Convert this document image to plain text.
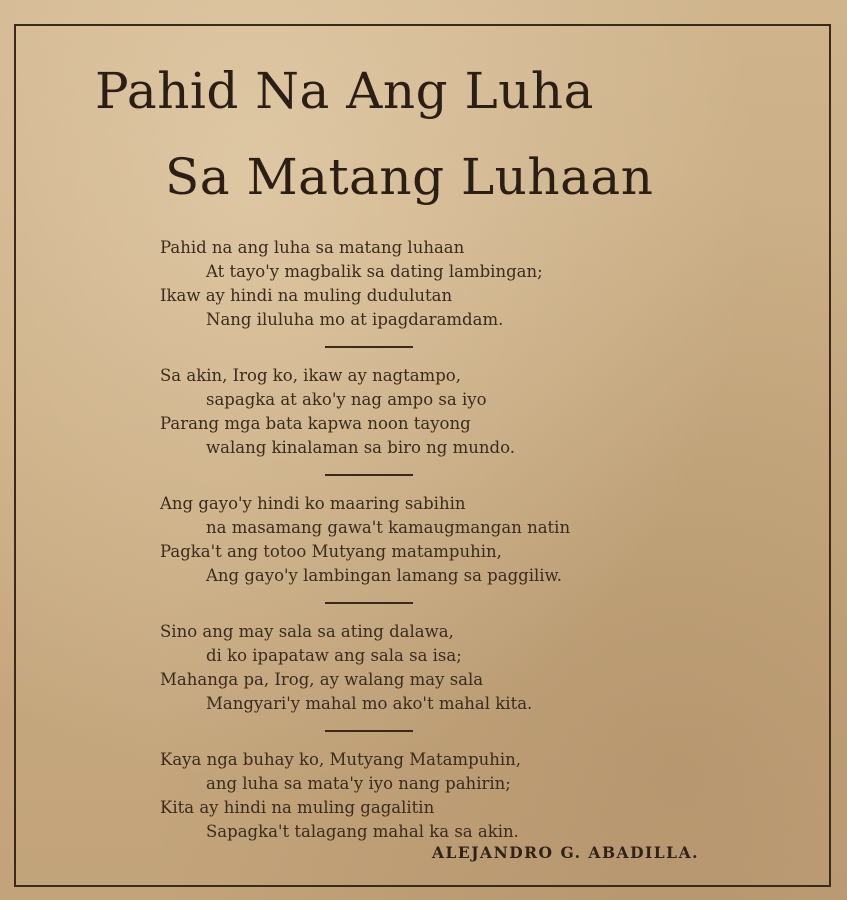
Pahid Na Ang Luha
Sa Matang Luhaan
Pahid na ang luha sa matang luhaan
At tayo'y magbalik sa dating lambingan;
Ikaw ay hindi na muling dudulutan
Nang iluluha mo at ipagdaramdam.
Sa akin, Irog ko, ikaw ay nagtampo,
sapagka at ako'y nag ampo sa iyo
Parang mga bata kapwa noon tayong
walang kinalaman sa biro ng mundo.
Ang gayo'y hindi ko maaring sabihin
na masamang gawa't kamaugmangan natin
Pagka't ang totoo Mutyang matampuhin,
Ang gayo'y lambingan lamang sa paggiliw.
Sino ang may sala sa ating dalawa,
di ko ipapataw ang sala sa isa;
Mahanga pa, Irog, ay walang may sala
Mangyari'y mahal mo ako't mahal kita.
Kaya nga buhay ko, Mutyang Matampuhin,
ang luha sa mata'y iyo nang pahirin;
Kita ay hindi na muling gagalitin
Sapagka't talagang mahal ka sa akin.

ALEJANDRO G. ABADILLA.
